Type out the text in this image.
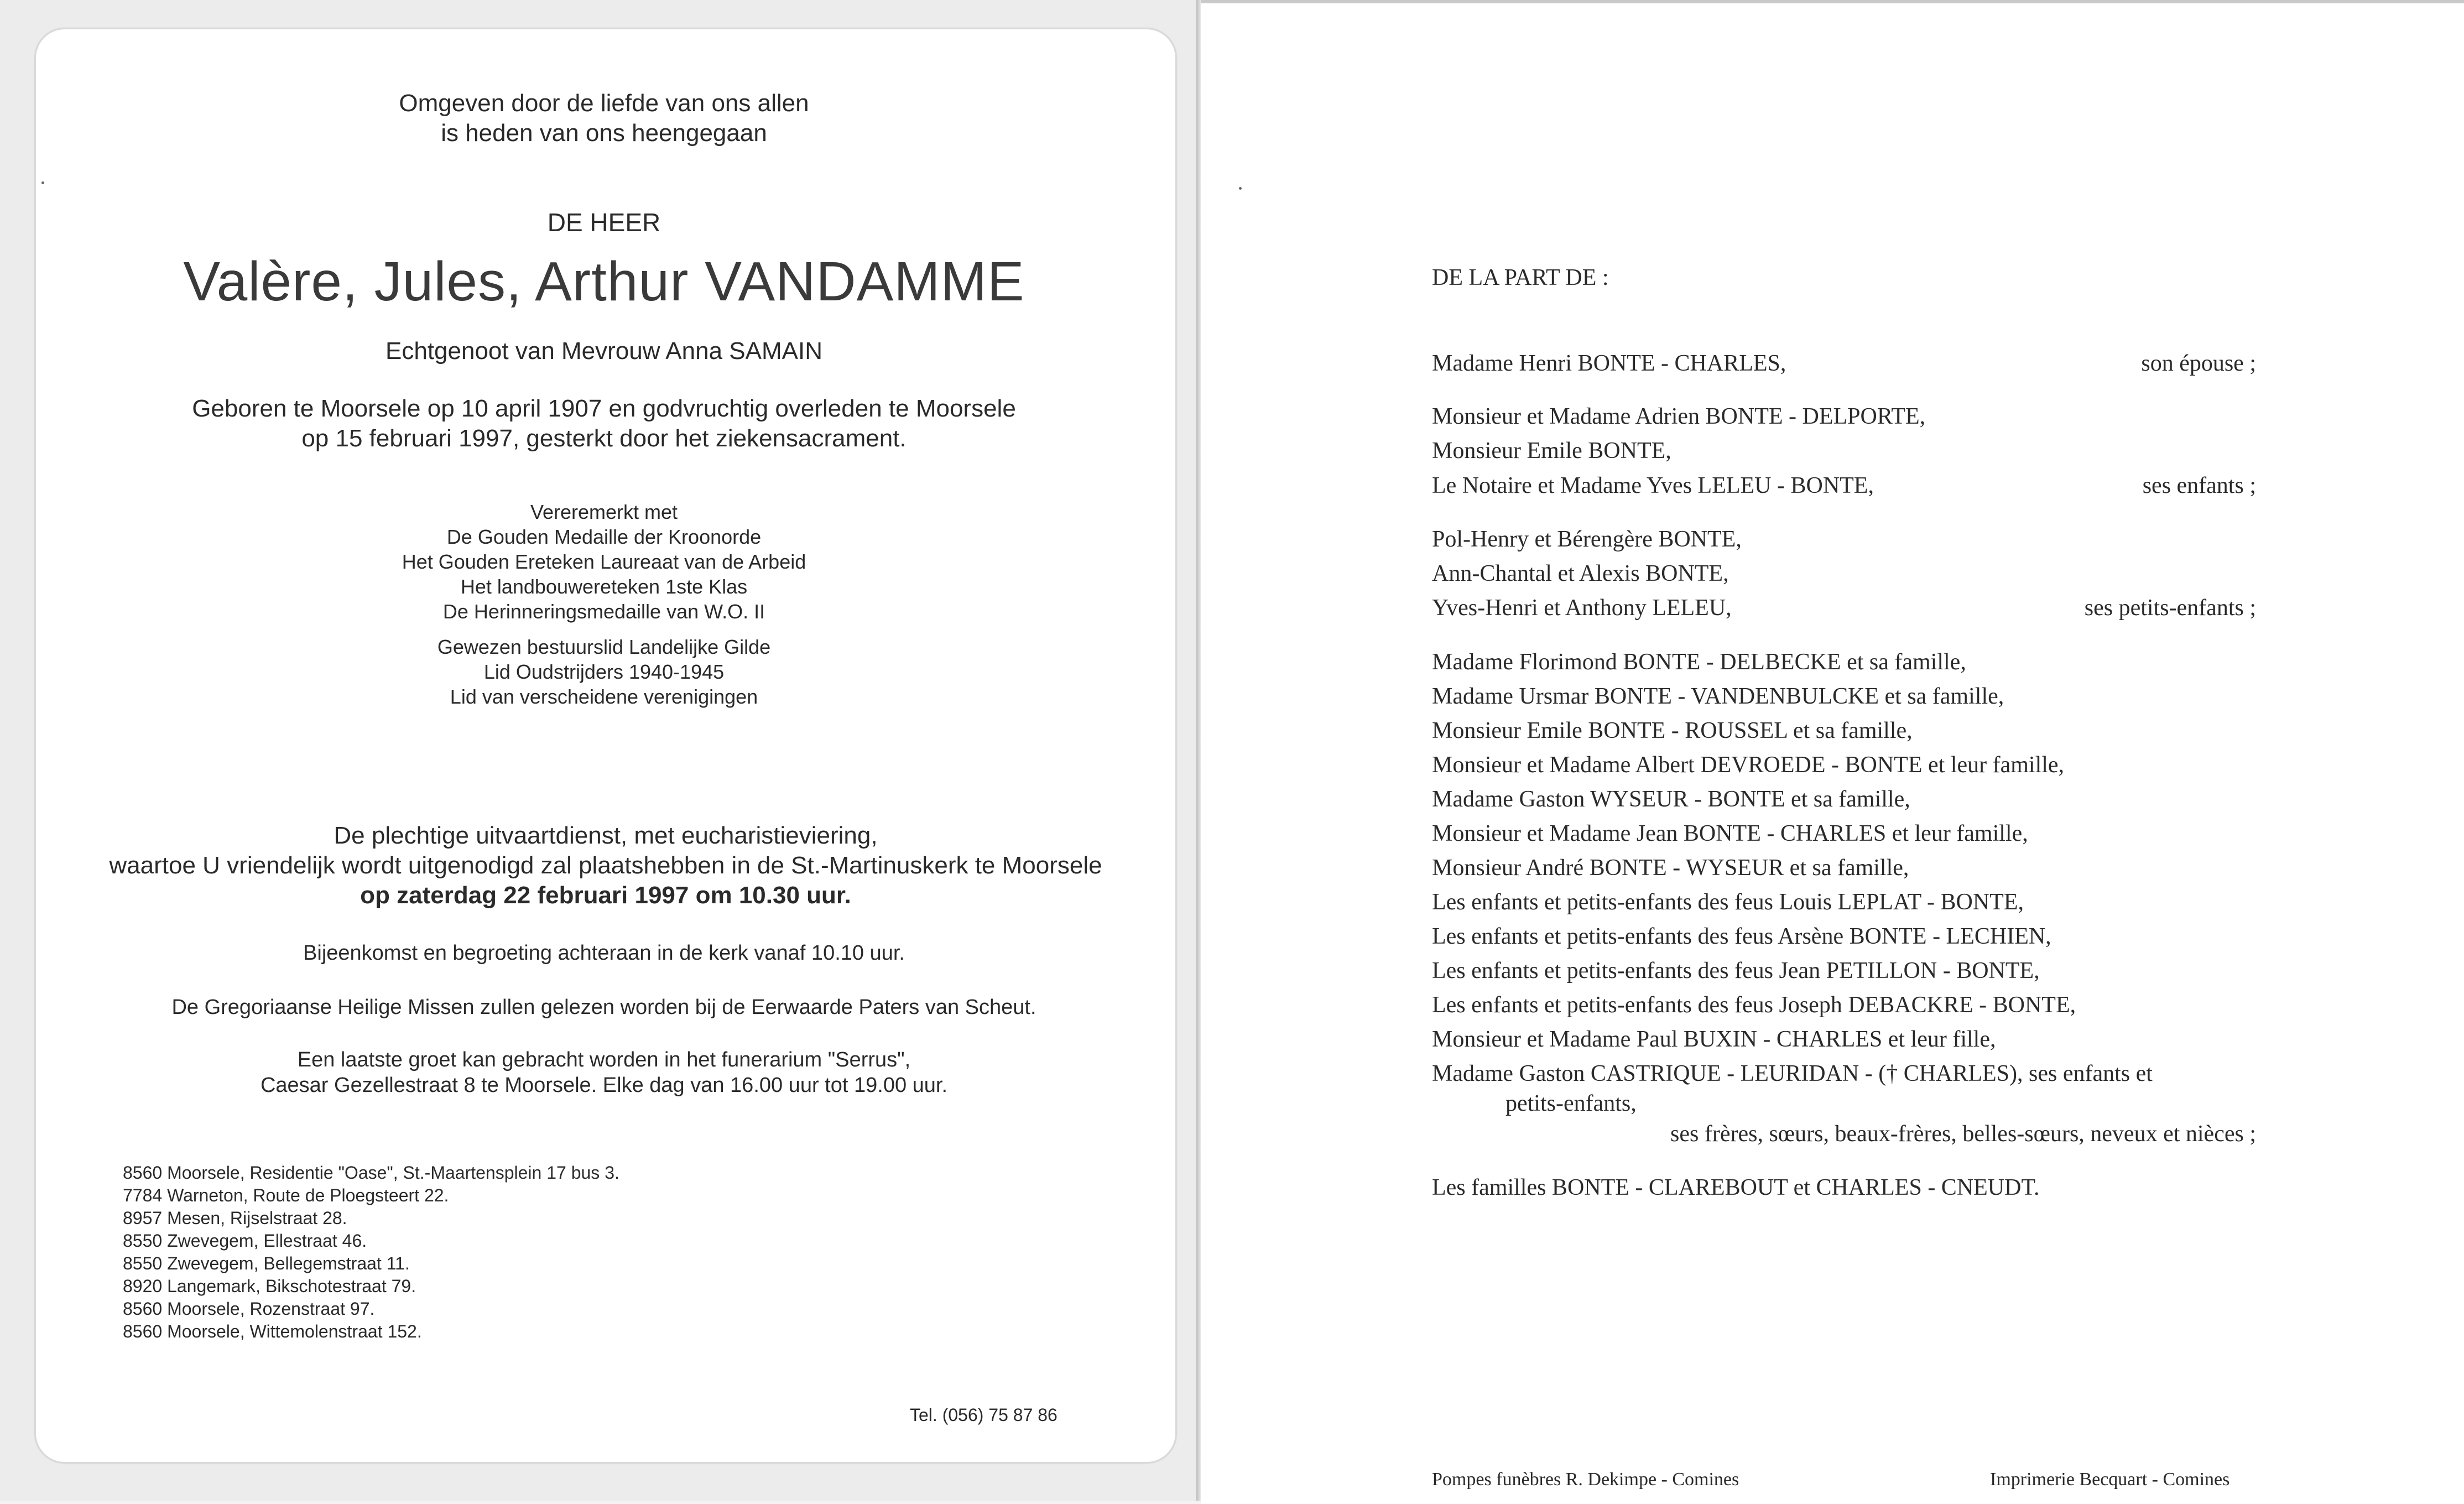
Omgeven door de liefde van ons allen
is heden van ons heengegaan
DE HEER
Valère, Jules, Arthur VANDAMME
Echtgenoot van Mevrouw Anna SAMAIN
Geboren te Moorsele op 10 april 1907 en godvruchtig overleden te Moorsele
op 15 februari 1997, gesterkt door het ziekensacrament.
Vereremerkt met
De Gouden Medaille der Kroonorde
Het Gouden Ereteken Laureaat van de Arbeid
Het landbouwereteken 1ste Klas
De Herinneringsmedaille van W.O. II
Gewezen bestuurslid Landelijke Gilde
Lid Oudstrijders 1940-1945
Lid van verscheidene verenigingen
De plechtige uitvaartdienst, met eucharistieviering,
waartoe U vriendelijk wordt uitgenodigd zal plaatshebben in de St.-Martinuskerk te Moorsele
op zaterdag 22 februari 1997 om 10.30 uur.
Bijeenkomst en begroeting achteraan in de kerk vanaf 10.10 uur.
De Gregoriaanse Heilige Missen zullen gelezen worden bij de Eerwaarde Paters van Scheut.
Een laatste groet kan gebracht worden in het funerarium "Serrus",
Caesar Gezellestraat 8 te Moorsele. Elke dag van 16.00 uur tot 19.00 uur.
8560 Moorsele, Residentie "Oase", St.-Maartensplein 17 bus 3.
7784 Warneton, Route de Ploegsteert 22.
8957 Mesen, Rijselstraat 28.
8550 Zwevegem, Ellestraat 46.
8550 Zwevegem, Bellegemstraat 11.
8920 Langemark, Bikschotestraat 79.
8560 Moorsele, Rozenstraat 97.
8560 Moorsele, Wittemolenstraat 152.
Tel. (056) 75 87 86
DE LA PART DE :
Madame Henri BONTE - CHARLES,	son épouse ;
Monsieur et Madame Adrien BONTE - DELPORTE,
Monsieur Emile BONTE,
Le Notaire et Madame Yves LELEU - BONTE,	ses enfants ;
Pol-Henry et Bérengère BONTE,
Ann-Chantal et Alexis BONTE,
Yves-Henri et Anthony LELEU,	ses petits-enfants ;
Madame Florimond BONTE - DELBECKE et sa famille,
Madame Ursmar BONTE - VANDENBULCKE et sa famille,
Monsieur Emile BONTE - ROUSSEL et sa famille,
Monsieur et Madame Albert DEVROEDE - BONTE et leur famille,
Madame Gaston WYSEUR - BONTE et sa famille,
Monsieur et Madame Jean BONTE - CHARLES et leur famille,
Monsieur André BONTE - WYSEUR et sa famille,
Les enfants et petits-enfants des feus Louis LEPLAT - BONTE,
Les enfants et petits-enfants des feus Arsène BONTE - LECHIEN,
Les enfants et petits-enfants des feus Jean PETILLON - BONTE,
Les enfants et petits-enfants des feus Joseph DEBACKRE - BONTE,
Monsieur et Madame Paul BUXIN - CHARLES et leur fille,
Madame Gaston CASTRIQUE - LEURIDAN - († CHARLES), ses enfants et
petits-enfants,
ses frères, sœurs, beaux-frères, belles-sœurs, neveux et nièces ;
Les familles BONTE - CLAREBOUT et CHARLES - CNEUDT.
Pompes funèbres R. Dekimpe - Comines	Imprimerie Becquart - Comines
